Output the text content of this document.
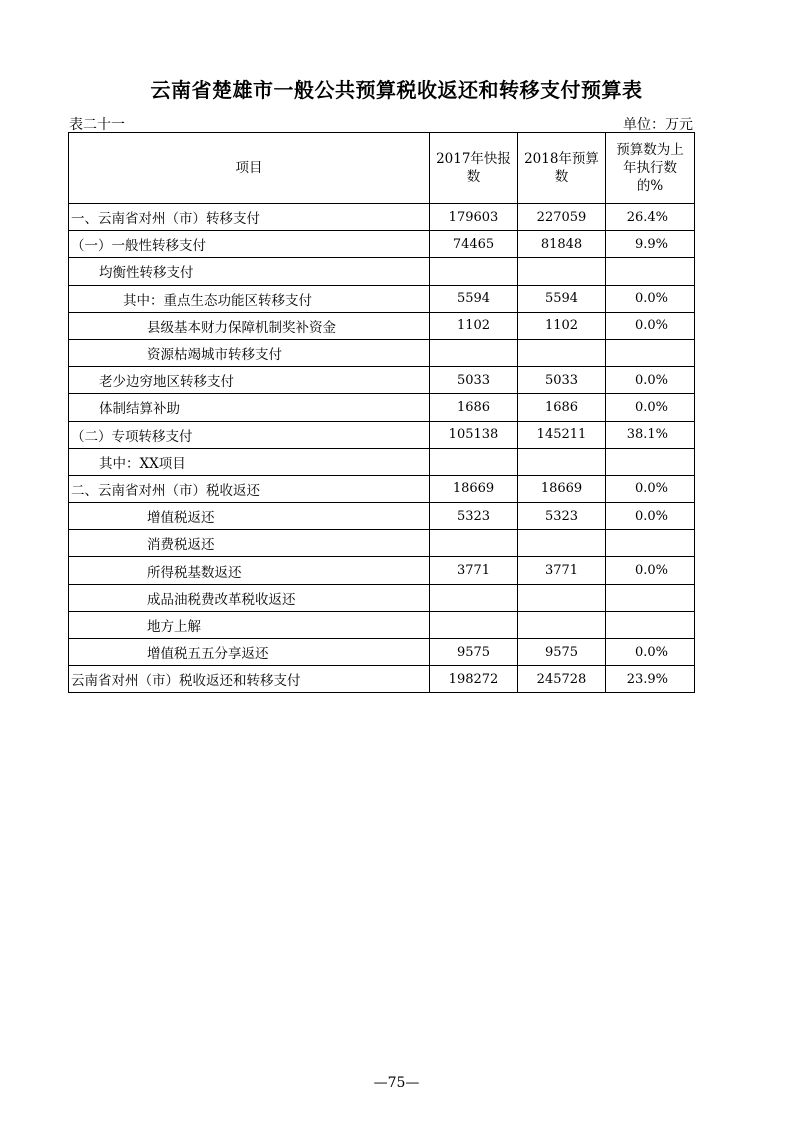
云南省楚雄市一般公共预算税收返还和转移支付预算表
表二十一	单位：万元
项目	2017年快报数	2018年预算数	预算数为上年执行数的%
一、云南省对州（市）转移支付	179603	227059	26.4%
（一）一般性转移支付	74465	81848	9.9%
均衡性转移支付			
其中：重点生态功能区转移支付	5594	5594	0.0%
县级基本财力保障机制奖补资金	1102	1102	0.0%
资源枯竭城市转移支付			
老少边穷地区转移支付	5033	5033	0.0%
体制结算补助	1686	1686	0.0%
（二）专项转移支付	105138	145211	38.1%
其中：XX项目			
二、云南省对州（市）税收返还	18669	18669	0.0%
增值税返还	5323	5323	0.0%
消费税返还			
所得税基数返还	3771	3771	0.0%
成品油税费改革税收返还			
地方上解			
增值税五五分享返还	9575	9575	0.0%
云南省对州（市）税收返还和转移支付	198272	245728	23.9%
—75—
